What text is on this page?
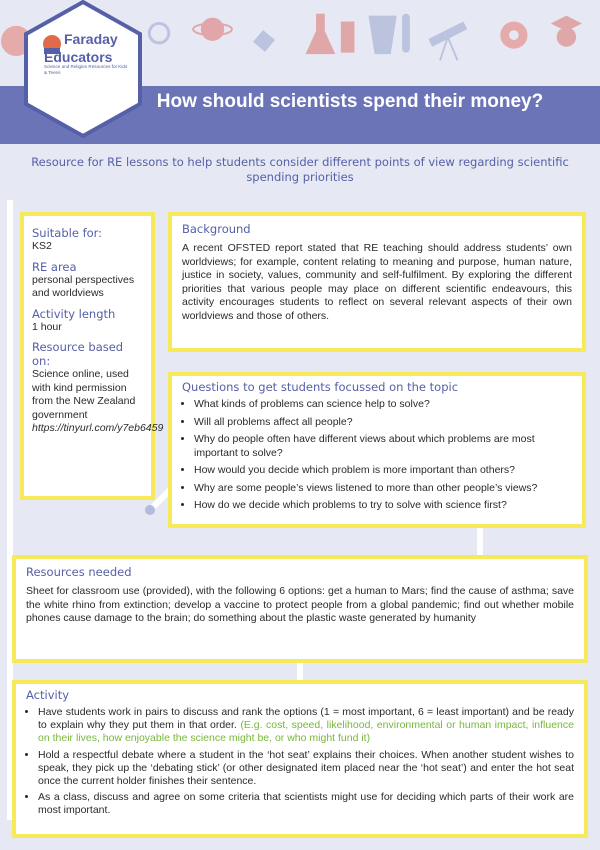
Faraday
Educators
Science and Religion Resources for Kids & Teens
How should scientists spend their money?
Resource for RE lessons to help students consider different points of view regarding scientific spending priorities
Suitable for:
KS2
RE area
personal perspectives and worldviews
Activity length
1 hour
Resource based on:
Science online, used with kind permission from the New Zealand government
https://tinyurl.com/y7eb6459
Background
A recent OFSTED report stated that RE teaching should address students’ own worldviews; for example, content relating to meaning and purpose, human nature, justice in society, values, community and self-fulfilment. By exploring the different priorities that various people may place on different scientific endeavours, this activity encourages students to reflect on several relevant aspects of their own worldviews and those of others.
Questions to get students focussed on the topic
• What kinds of problems can science help to solve?
• Will all problems affect all people?
• Why do people often have different views about which problems are most important to solve?
• How would you decide which problem is more important than others?
• Why are some people’s views listened to more than other people’s views?
• How do we decide which problems to try to solve with science first?
Resources needed
Sheet for classroom use (provided), with the following 6 options: get a human to Mars; find the cause of asthma; save the white rhino from extinction; develop a vaccine to protect people from a global pandemic; find out whether mobile phones cause damage to the brain; do something about the plastic waste generated by humanity
Activity
• Have students work in pairs to discuss and rank the options (1 = most important, 6 = least important) and be ready to explain why they put them in that order. (E.g. cost, speed, likelihood, environmental or human impact, influence on their lives, how enjoyable the science might be, or who might fund it)
• Hold a respectful debate where a student in the ‘hot seat’ explains their choices. When another student wishes to speak, they pick up the ‘debating stick’ (or other designated item placed near the ‘hot seat’) and enter the hot seat once the current holder finishes their sentence.
• As a class, discuss and agree on some criteria that scientists might use for deciding which parts of their work are most important.
